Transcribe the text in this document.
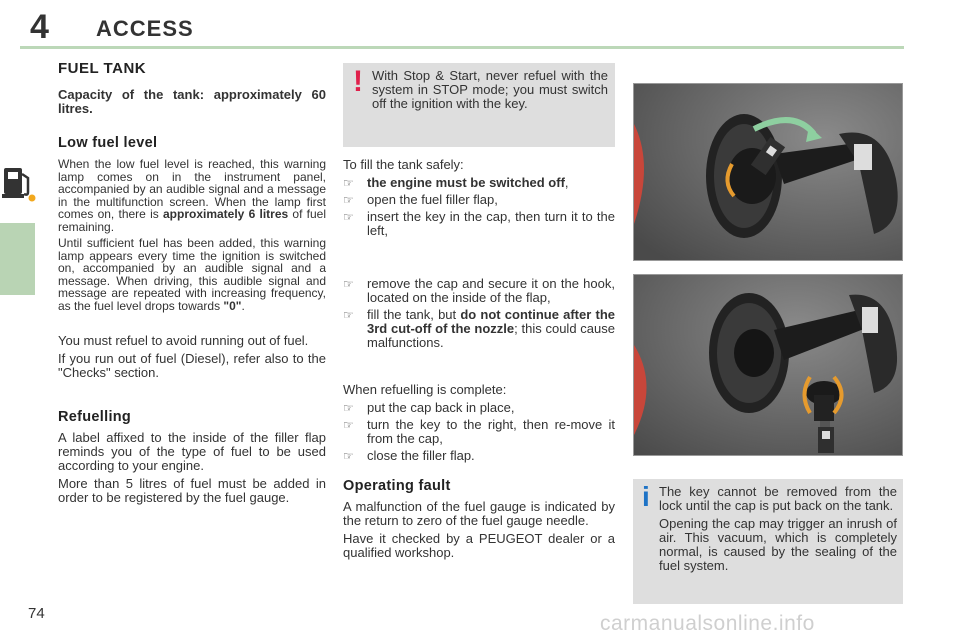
4 ACCESS
FUEL TANK

Capacity of the tank: approximately 60 litres.

Low fuel level

When the low fuel level is reached, this warning lamp comes on in the instrument panel, accompanied by an audible signal and a message in the multifunction screen. When the lamp first comes on, there is approximately 6 litres of fuel remaining.

Until sufficient fuel has been added, this warning lamp appears every time the ignition is switched on, accompanied by an audible signal and a message. When driving, this audible signal and message are repeated with increasing frequency, as the fuel level drops towards "0".

You must refuel to avoid running out of fuel.

If you run out of fuel (Diesel), refer also to the "Checks" section.

Refuelling

A label affixed to the inside of the filler flap reminds you of the type of fuel to be used according to your engine.

More than 5 litres of fuel must be added in order to be registered by the fuel gauge.

! With Stop & Start, never refuel with the system in STOP mode; you must switch off the ignition with the key.

To fill the tank safely:

☞	the engine must be switched off,
☞	open the fuel filler flap,
☞	insert the key in the cap, then turn it to the left,
☞	remove the cap and secure it on the hook, located on the inside of the flap,
☞	fill the tank, but do not continue after the 3rd cut-off of the nozzle; this could cause malfunctions.

When refuelling is complete:

☞	put the cap back in place,
☞	turn the key to the right, then re-move it from the cap,
☞	close the filler flap.
Operating fault

A malfunction of the fuel gauge is indicated by the return to zero of the fuel gauge needle.

Have it checked by a PEUGEOT dealer or a qualified workshop.

i The key cannot be removed from the lock until the cap is put back on the tank.

Opening the cap may trigger an inrush of air. This vacuum, which is completely normal, is caused by the sealing of the fuel system.

74	carmanualsonline.info
